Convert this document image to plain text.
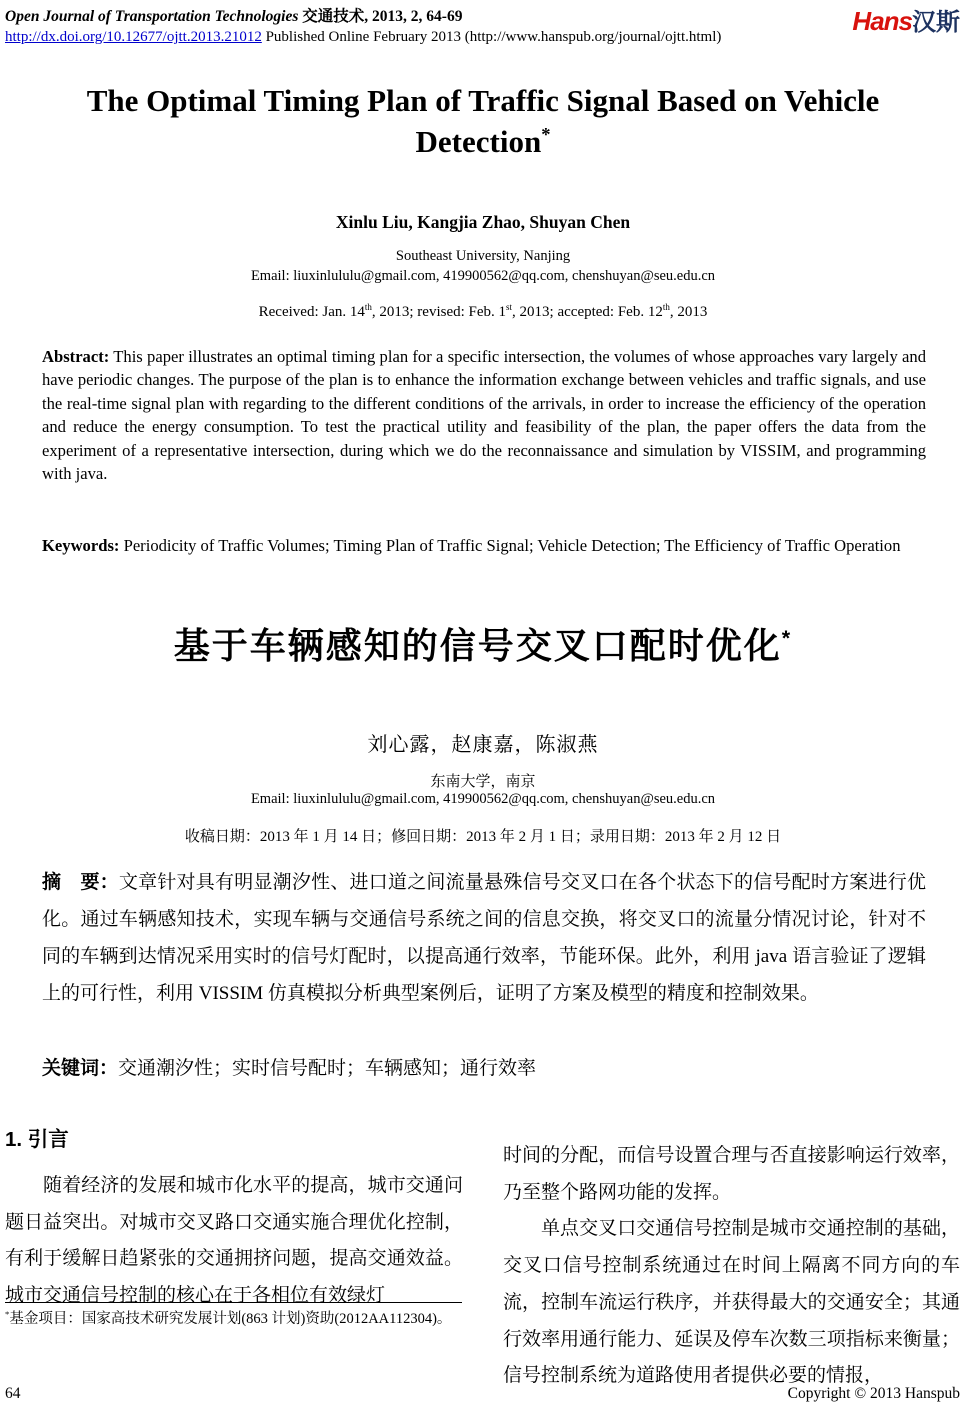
Open Journal of Transportation Technologies 交通技术, 2013, 2, 64-69
http://dx.doi.org/10.12677/ojtt.2013.21012 Published Online February 2013 (http://www.hanspub.org/journal/ojtt.html)
Hans汉斯
The Optimal Timing Plan of Traffic Signal Based on Vehicle Detection*
Xinlu Liu, Kangjia Zhao, Shuyan Chen
Southeast University, Nanjing
Email: liuxinlululu@gmail.com, 419900562@qq.com, chenshuyan@seu.edu.cn
Received: Jan. 14th, 2013; revised: Feb. 1st, 2013; accepted: Feb. 12th, 2013
Abstract: This paper illustrates an optimal timing plan for a specific intersection, the volumes of whose approaches vary largely and have periodic changes. The purpose of the plan is to enhance the information exchange between vehicles and traffic signals, and use the real-time signal plan with regarding to the different conditions of the arrivals, in order to increase the efficiency of the operation and reduce the energy consumption. To test the practical utility and feasibility of the plan, the paper offers the data from the experiment of a representative intersection, during which we do the reconnaissance and simulation by VISSIM, and programming with java.
Keywords: Periodicity of Traffic Volumes; Timing Plan of Traffic Signal; Vehicle Detection; The Efficiency of Traffic Operation
基于车辆感知的信号交叉口配时优化*
刘心露，赵康嘉，陈淑燕
东南大学，南京
Email: liuxinlululu@gmail.com, 419900562@qq.com, chenshuyan@seu.edu.cn
收稿日期：2013 年 1 月 14 日；修回日期：2013 年 2 月 1 日；录用日期：2013 年 2 月 12 日
摘　要：文章针对具有明显潮汐性、进口道之间流量悬殊信号交叉口在各个状态下的信号配时方案进行优化。通过车辆感知技术，实现车辆与交通信号系统之间的信息交换，将交叉口的流量分情况讨论，针对不同的车辆到达情况采用实时的信号灯配时，以提高通行效率，节能环保。此外，利用 java 语言验证了逻辑上的可行性，利用 VISSIM 仿真模拟分析典型案例后，证明了方案及模型的精度和控制效果。
关键词：交通潮汐性；实时信号配时；车辆感知；通行效率
1. 引言
随着经济的发展和城市化水平的提高，城市交通问题日益突出。对城市交叉路口交通实施合理优化控制，有利于缓解日趋紧张的交通拥挤问题，提高交通效益。城市交通信号控制的核心在于各相位有效绿灯
时间的分配，而信号设置合理与否直接影响运行效率，乃至整个路网功能的发挥。
单点交叉口交通信号控制是城市交通控制的基础，交叉口信号控制系统通过在时间上隔离不同方向的车流，控制车流运行秩序，并获得最大的交通安全；其通行效率用通行能力、延误及停车次数三项指标来衡量；信号控制系统为道路使用者提供必要的情报，
*基金项目：国家高技术研究发展计划(863 计划)资助(2012AA112304)。
64	Copyright © 2013 Hanspub
